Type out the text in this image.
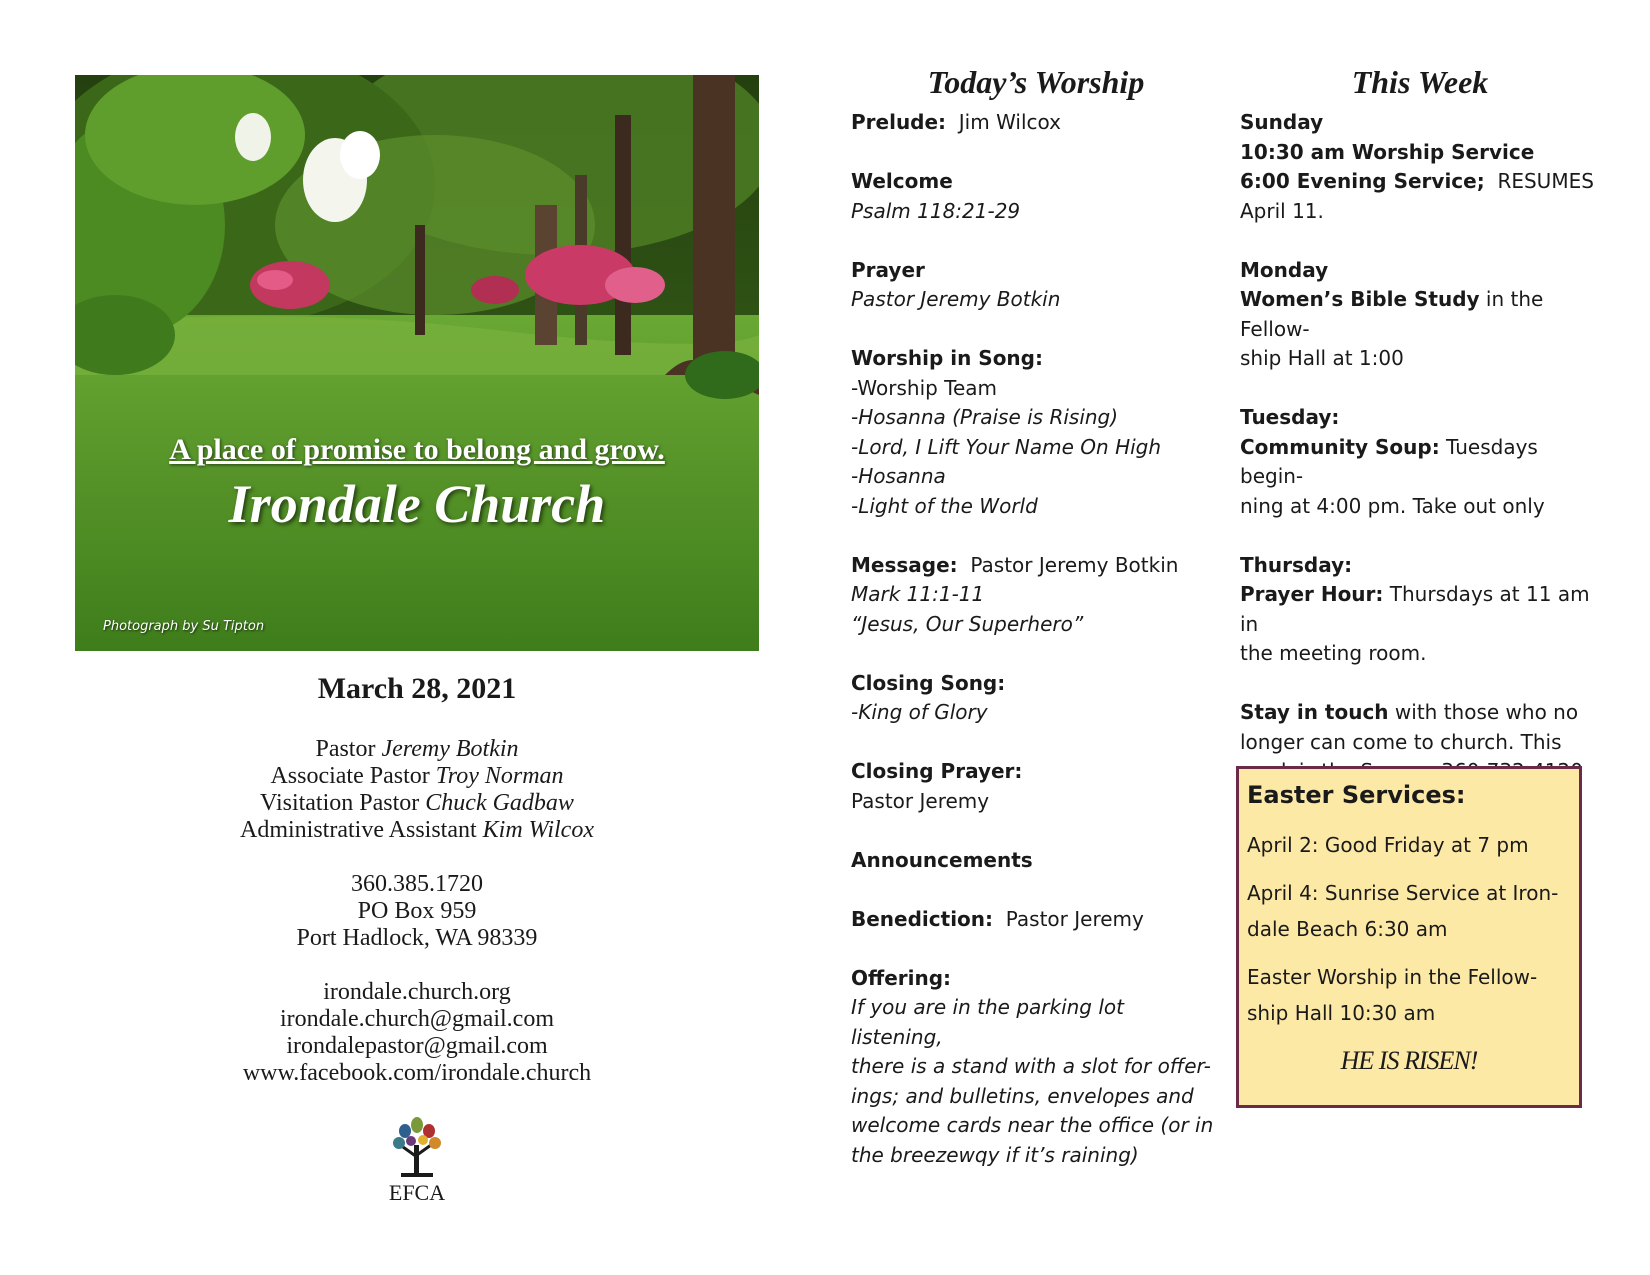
A place of promise to belong and grow.
Irondale Church
Photograph by Su Tipton
March 28, 2021
Pastor Jeremy Botkin
Associate Pastor Troy Norman
Visitation Pastor Chuck Gadbaw
Administrative Assistant Kim Wilcox
360.385.1720
PO Box 959
Port Hadlock, WA 98339
irondale.church.org
irondale.church@gmail.com
irondalepastor@gmail.com
www.facebook.com/irondale.church
EFCA
Today’s Worship
Prelude: Jim Wilcox
Welcome
Psalm 118:21-29
Prayer
Pastor Jeremy Botkin
Worship in Song:
-Worship Team
-Hosanna (Praise is Rising)
-Lord, I Lift Your Name On High
-Hosanna
-Light of the World
Message: Pastor Jeremy Botkin
Mark 11:1-11
“Jesus, Our Superhero”
Closing Song:
-King of Glory
Closing Prayer:
Pastor Jeremy
Announcements
Benediction: Pastor Jeremy
Offering:
If you are in the parking lot listening,
there is a stand with a slot for offer-
ings; and bulletins, envelopes and
welcome cards near the office (or in
the breezewqy if it’s raining)
This Week
Sunday
10:30 am Worship Service
6:00 Evening Service; RESUMES
April 11.
Monday
Women’s Bible Study in the Fellow-
ship Hall at 1:00
Tuesday:
Community Soup: Tuesdays begin-
ning at 4:00 pm. Take out only
Thursday:
Prayer Hour: Thursdays at 11 am in
the meeting room.
Stay in touch with those who no
longer can come to church. This
Easter Services:
April 2: Good Friday at 7 pm
April 4: Sunrise Service at Iron-
dale Beach 6:30 am
Easter Worship in the Fellow-
ship Hall 10:30 am
HE IS RISEN!
